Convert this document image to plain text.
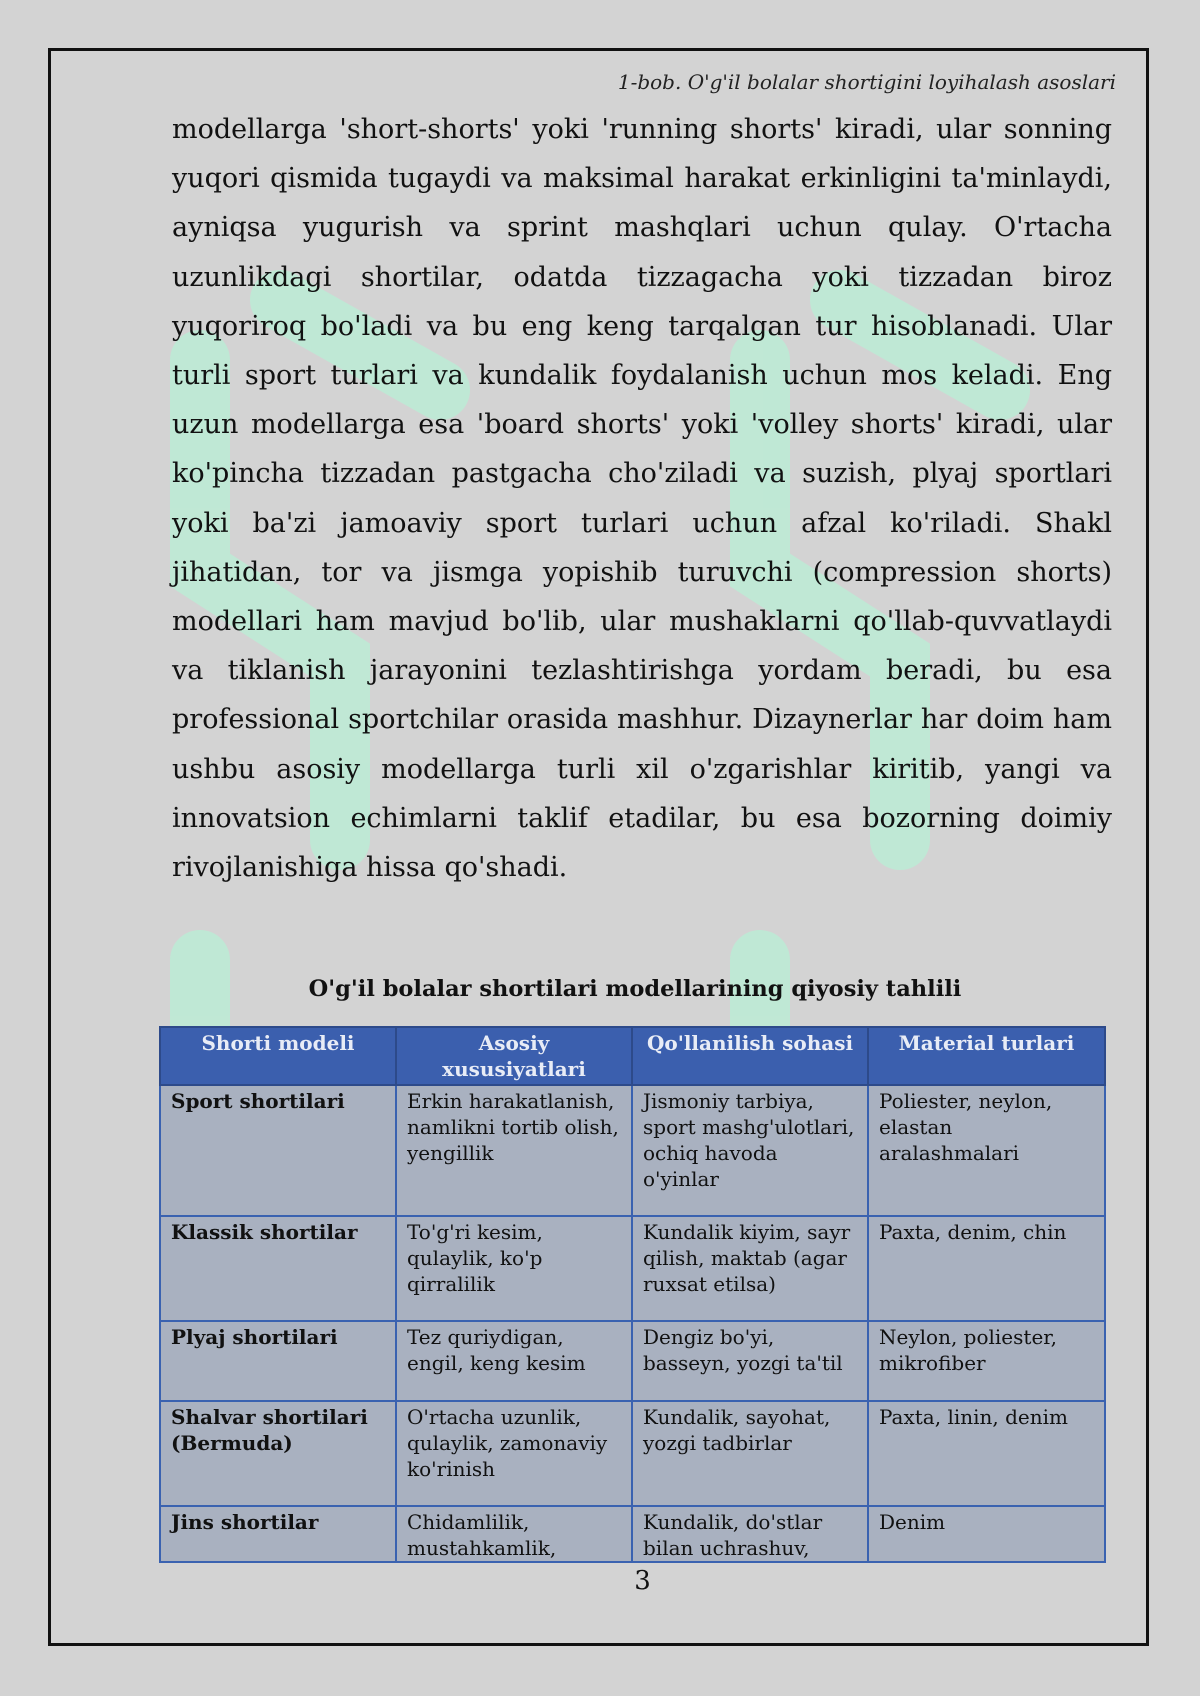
1-bob. O'g'il bolalar shortigini loyihalash asoslari
modellarga 'short-shorts' yoki 'running shorts' kiradi, ular sonning yuqori qismida tugaydi va maksimal harakat erkinligini ta'minlaydi, ayniqsa yugurish va sprint mashqlari uchun qulay. O'rtacha uzunlikdagi shortilar, odatda tizzagacha yoki tizzadan biroz yuqoriroq bo'ladi va bu eng keng tarqalgan tur hisoblanadi. Ular turli sport turlari va kundalik foydalanish uchun mos keladi. Eng uzun modellarga esa 'board shorts' yoki 'volley shorts' kiradi, ular ko'pincha tizzadan pastgacha cho'ziladi va suzish, plyaj sportlari yoki ba'zi jamoaviy sport turlari uchun afzal ko'riladi. Shakl jihatidan, tor va jismga yopishib turuvchi (compression shorts) modellari ham mavjud bo'lib, ular mushaklarni qo'llab-quvvatlaydi va tiklanish jarayonini tezlashtirishga yordam beradi, bu esa professional sportchilar orasida mashhur. Dizaynerlar har doim ham ushbu asosiy modellarga turli xil o'zgarishlar kiritib, yangi va innovatsion echimlarni taklif etadilar, bu esa bozorning doimiy rivojlanishiga hissa qo'shadi.
O'g'il bolalar shortilari modellarining qiyosiy tahlili
Shorti modeli	Asosiy xususiyatlari	Qo'llanilish sohasi	Material turlari
Sport shortilari	Erkin harakatlanish, namlikni tortib olish, yengillik	Jismoniy tarbiya, sport mashg'ulotlari, ochiq havoda o'yinlar	Poliester, neylon, elastan aralashmalari
Klassik shortilar	To'g'ri kesim, qulaylik, ko'p qirralilik	Kundalik kiyim, sayr qilish, maktab (agar ruxsat etilsa)	Paxta, denim, chin
Plyaj shortilari	Tez quriydigan, engil, keng kesim	Dengiz bo'yi, basseyn, yozgi ta'til	Neylon, poliester, mikrofiber
Shalvar shortilari (Bermuda)	O'rtacha uzunlik, qulaylik, zamonaviy ko'rinish	Kundalik, sayohat, yozgi tadbirlar	Paxta, linin, denim
Jins shortilar	Chidamlilik, mustahkamlik,	Kundalik, do'stlar bilan uchrashuv,	Denim
3
